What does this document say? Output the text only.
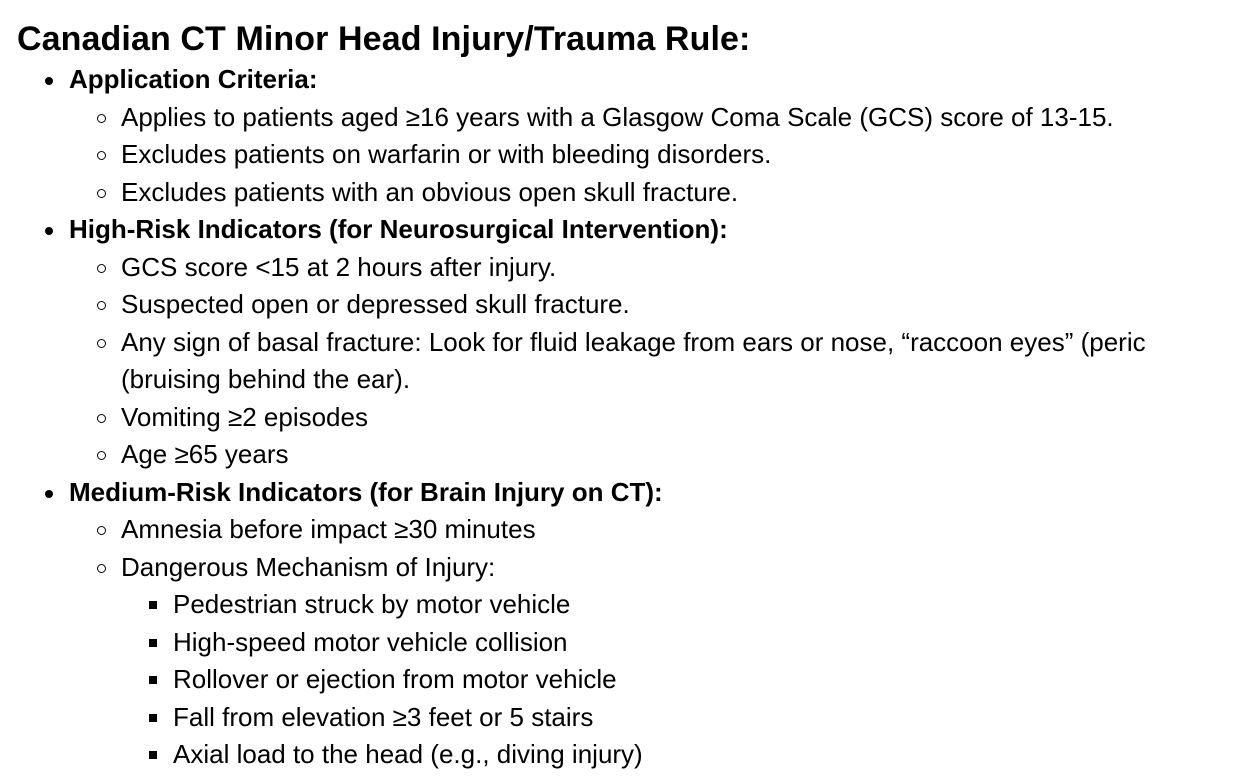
Canadian CT Minor Head Injury/Trauma Rule:
Application Criteria:
Applies to patients aged ≥16 years with a Glasgow Coma Scale (GCS) score of 13-15.
Excludes patients on warfarin or with bleeding disorders.
Excludes patients with an obvious open skull fracture.
High-Risk Indicators (for Neurosurgical Intervention):
GCS score <15 at 2 hours after injury.
Suspected open or depressed skull fracture.
Any sign of basal fracture: Look for fluid leakage from ears or nose, “raccoon eyes” (peric
(bruising behind the ear).
Vomiting ≥2 episodes
Age ≥65 years
Medium-Risk Indicators (for Brain Injury on CT):
Amnesia before impact ≥30 minutes
Dangerous Mechanism of Injury:
Pedestrian struck by motor vehicle
High-speed motor vehicle collision
Rollover or ejection from motor vehicle
Fall from elevation ≥3 feet or 5 stairs
Axial load to the head (e.g., diving injury)
